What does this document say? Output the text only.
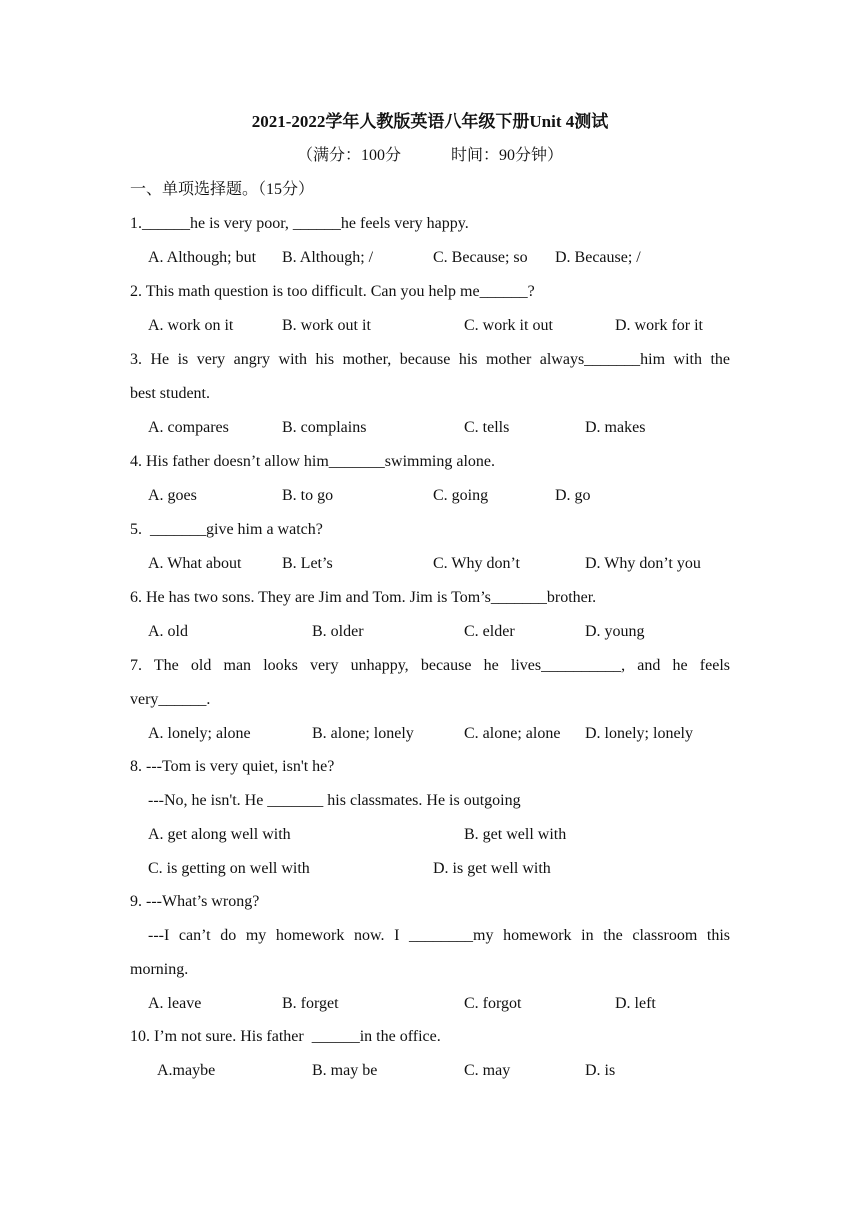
2021-2022学年人教版英语八年级下册Unit 4测试
（满分：100分	时间：90分钟）
一、单项选择题。（15分）
1.______he is very poor, ______he feels very happy.
A. Although; but B. Although; /	C. Because; so D. Because; /
2. This math question is too difficult. Can you help me______?
A. work on it	B. work out it	C. work it out	D. work for it
3. He is very angry with his mother, because his mother always_______him with the
best student.
A. compares	B. complains	C. tells	D. makes
4. His father doesn’t allow him_______swimming alone.
A. goes	B. to go	C. going	D. go
5.  _______give him a watch?
A. What about	B. Let’s	C. Why don’t	D. Why don’t you
6. He has two sons. They are Jim and Tom. Jim is Tom’s_______brother.
A. old	B. older	C. elder	D. young
7. The old man looks very unhappy, because he lives__________, and he feels
very______.
A. lonely; alone	B. alone; lonely	C. alone; alone D. lonely; lonely
8. ---Tom is very quiet, isn't he?
---No, he isn't. He _______ his classmates. He is outgoing
A. get along well with	B. get well with
C. is getting on well with	D. is get well with
9. ---What’s wrong?
---I can’t do my homework now. I ________my homework in the classroom this
morning.
A. leave	B. forget	C. forgot	D. left
10. I’m not sure. His father  ______in the office.
A.maybe	B. may be	C. may	D. is
